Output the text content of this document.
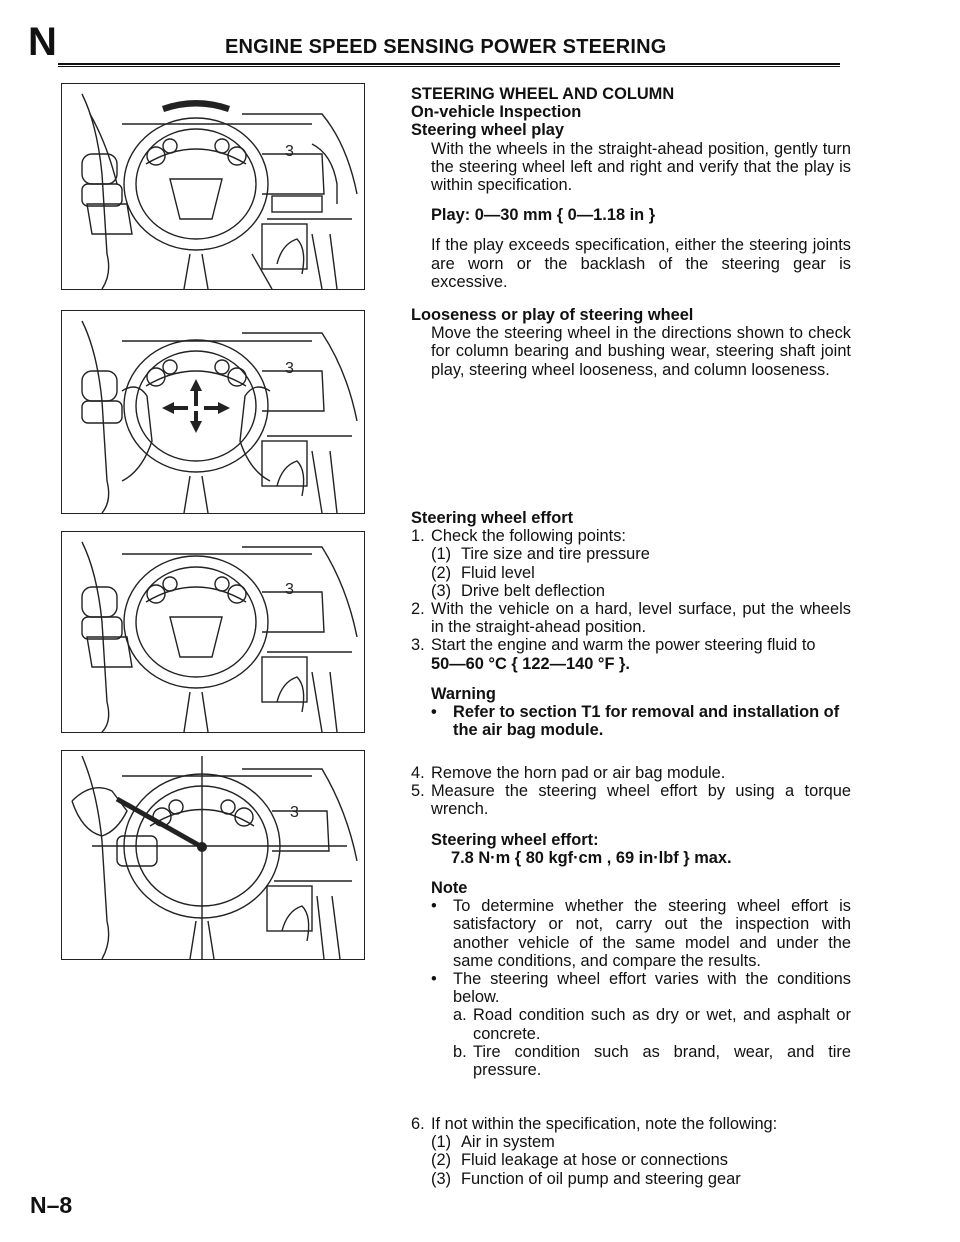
N	ENGINE SPEED SENSING POWER STEERING
3
3
3
3
STEERING WHEEL AND COLUMN
On-vehicle Inspection
Steering wheel play
With the wheels in the straight-ahead position, gently turn the steering wheel left and right and verify that the play is within specification.
Play: 0—30 mm { 0—1.18 in }
If the play exceeds specification, either the steering joints are worn or the backlash of the steering gear is excessive.
Looseness or play of steering wheel
Move the steering wheel in the directions shown to check for column bearing and bushing wear, steering shaft joint play, steering wheel looseness, and column looseness.
Steering wheel effort
1. Check the following points:
(1) Tire size and tire pressure
(2) Fluid level
(3) Drive belt deflection
2. With the vehicle on a hard, level surface, put the wheels in the straight-ahead position.
3. Start the engine and warm the power steering fluid to
50—60 °C { 122—140 °F }.
Warning
• Refer to section T1 for removal and installation of the air bag module.
4. Remove the horn pad or air bag module.
5. Measure the steering wheel effort by using a torque wrench.
Steering wheel effort:
7.8 N·m { 80 kgf·cm , 69 in·lbf } max.
Note
• To determine whether the steering wheel effort is satisfactory or not, carry out the inspection with another vehicle of the same model and under the same conditions, and compare the results.
• The steering wheel effort varies with the conditions below.
a. Road condition such as dry or wet, and asphalt or concrete.
b. Tire condition such as brand, wear, and tire pressure.
6. If not within the specification, note the following:
(1) Air in system
(2) Fluid leakage at hose or connections
(3) Function of oil pump and steering gear
N–8
